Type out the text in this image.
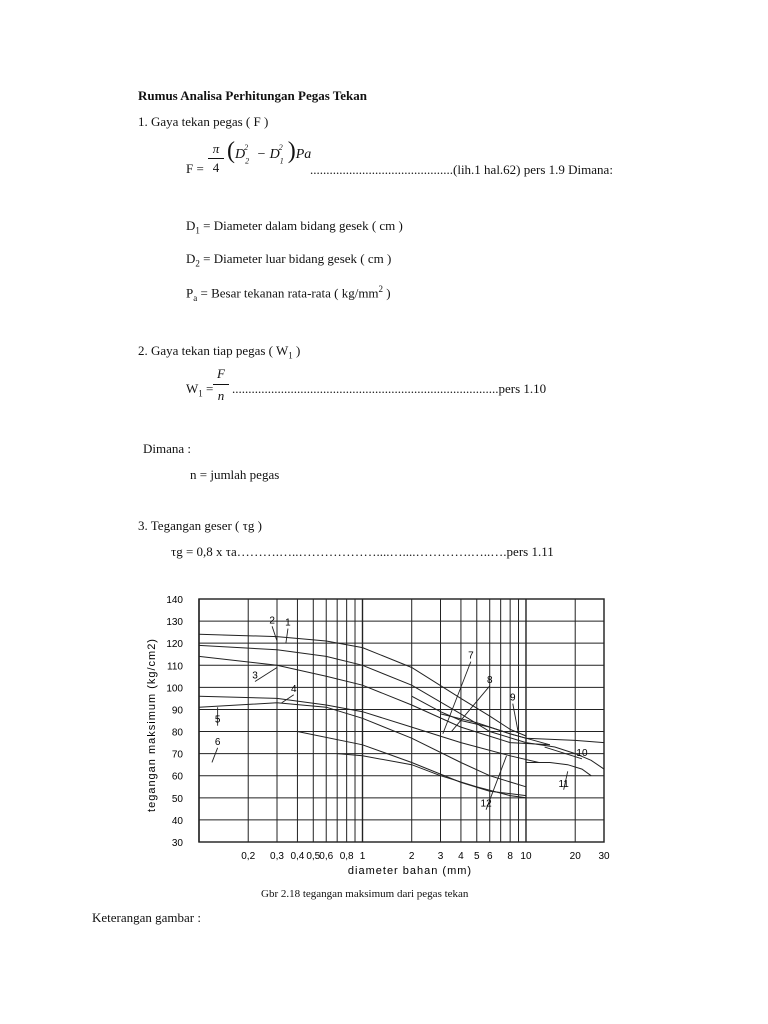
Rumus Analisa Perhitungan Pegas Tekan
1. Gaya tekan pegas ( F )
F =
π
4
($D_2^2 - D_1^2$ )Pa
............................................(lih.1 hal.62) pers 1.9 Dimana:
$D_1$ = Diameter dalam bidang gesek ( cm )
$D_2$ = Diameter luar bidang gesek ( cm )
$P_a$ = Besar tekanan rata-rata ( $kg/mm^2$ )
2. Gaya tekan tiap pegas ( $W_1$ )
$W_1$ =
F
n ..................................................................................pers 1.10
Dimana :
n = jumlah pegas
3. Tegangan geser ( τg )
τg = 0,8 x τa……….…..………………....…....………….…..….pers 1.11
1
2
3
4
5
6
7
8
9
10
11
12
140
130
120
110
100
90
80
70
60
50
40
30
0,2 0,3 0,4 0,5 0,6 0,8 1	2 3 4 5 6 8 10	20 30
tegangan maksimum (kg/cm2)
diameter bahan (mm)
Gbr 2.18 tegangan maksimum dari pegas tekan
Keterangan gambar :
